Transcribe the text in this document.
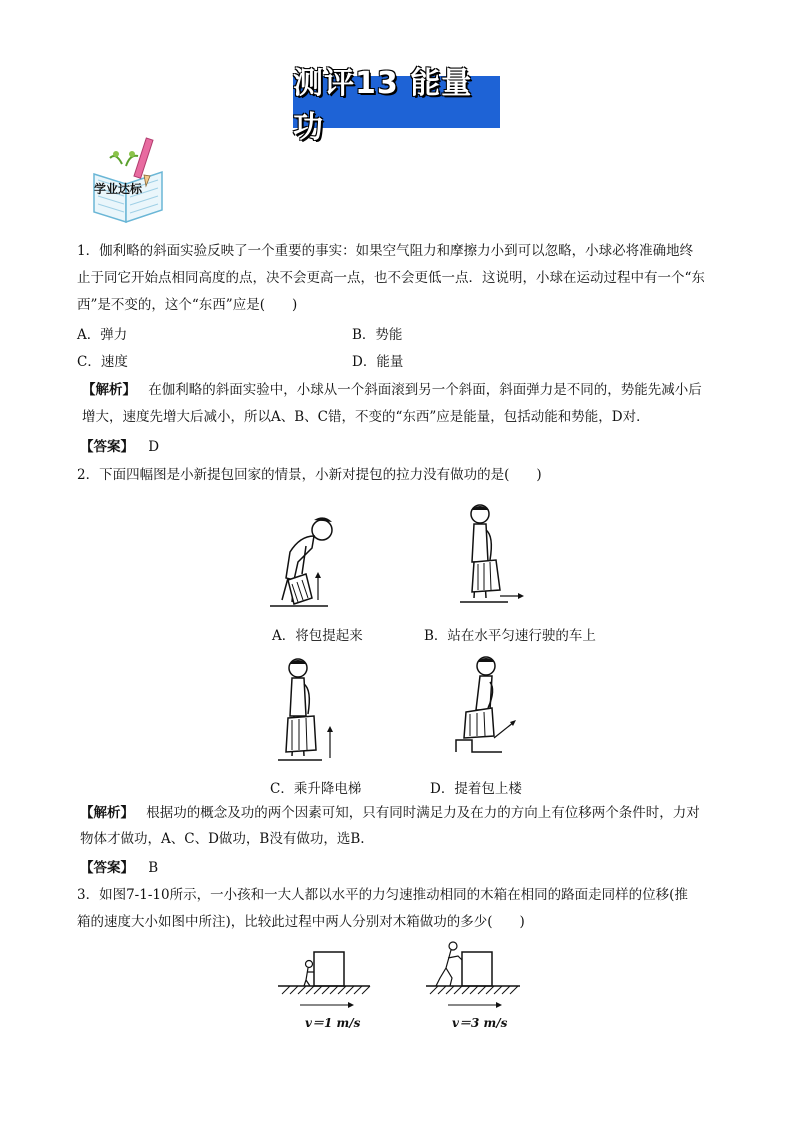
测评13 能量 功
学业达标
1．伽利略的斜面实验反映了一个重要的事实：如果空气阻力和摩擦力小到可以忽略，小球必将准确地终
止于同它开始点相同高度的点，决不会更高一点，也不会更低一点．这说明，小球在运动过程中有一个“东
西”是不变的，这个“东西”应是(　　)
A．弹力	B．势能
C．速度	D．能量
【解析】 在伽利略的斜面实验中，小球从一个斜面滚到另一个斜面，斜面弹力是不同的，势能先减小后
增大，速度先增大后减小，所以A、B、C错，不变的“东西”应是能量，包括动能和势能，D对．
【答案】 D
2．下面四幅图是小新提包回家的情景，小新对提包的拉力没有做功的是(　　)
A．将包提起来	B．站在水平匀速行驶的车上
C．乘升降电梯	D．提着包上楼
【解析】 根据功的概念及功的两个因素可知，只有同时满足力及在力的方向上有位移两个条件时，力对
物体才做功，A、C、D做功，B没有做功，选B.
【答案】 B
3．如图7-1-10所示，一小孩和一大人都以水平的力匀速推动相同的木箱在相同的路面走同样的位移(推
箱的速度大小如图中所注)，比较此过程中两人分别对木箱做功的多少(　　)
v＝1 m/s	v＝3 m/s
